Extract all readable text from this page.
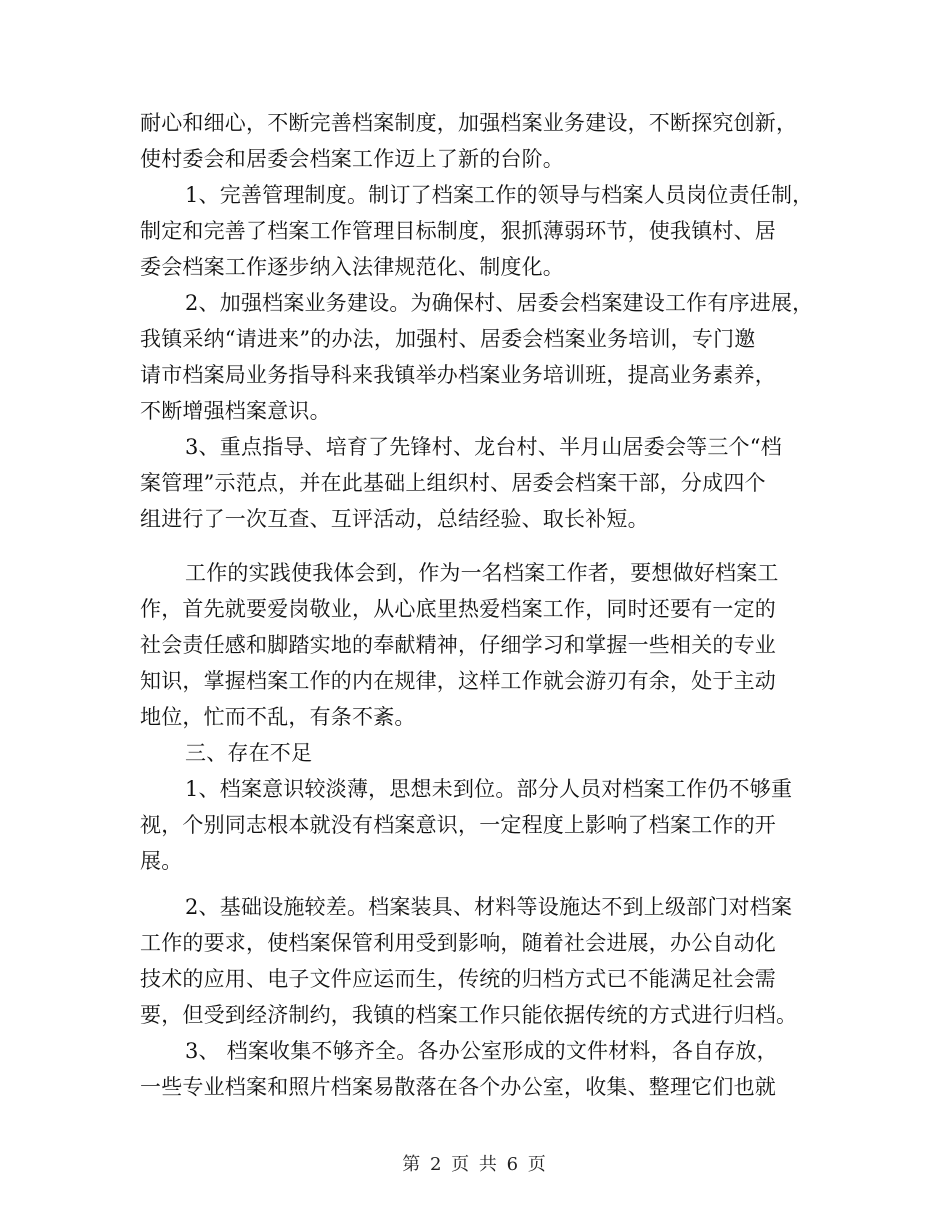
耐心和细心，不断完善档案制度，加强档案业务建设，不断探究创新，
使村委会和居委会档案工作迈上了新的台阶。
1、完善管理制度。制订了档案工作的领导与档案人员岗位责任制，
制定和完善了档案工作管理目标制度，狠抓薄弱环节，使我镇村、居
委会档案工作逐步纳入法律规范化、制度化。
2、加强档案业务建设。为确保村、居委会档案建设工作有序进展，
我镇采纳“请进来”的办法，加强村、居委会档案业务培训，专门邀
请市档案局业务指导科来我镇举办档案业务培训班，提高业务素养，
不断增强档案意识。
3、重点指导、培育了先锋村、龙台村、半月山居委会等三个“档
案管理”示范点，并在此基础上组织村、居委会档案干部，分成四个
组进行了一次互查、互评活动，总结经验、取长补短。
工作的实践使我体会到，作为一名档案工作者，要想做好档案工
作，首先就要爱岗敬业，从心底里热爱档案工作，同时还要有一定的
社会责任感和脚踏实地的奉献精神，仔细学习和掌握一些相关的专业
知识，掌握档案工作的内在规律，这样工作就会游刃有余，处于主动
地位，忙而不乱，有条不紊。
三、存在不足
1、档案意识较淡薄，思想未到位。部分人员对档案工作仍不够重
视，个别同志根本就没有档案意识，一定程度上影响了档案工作的开
展。
2、基础设施较差。档案装具、材料等设施达不到上级部门对档案
工作的要求，使档案保管利用受到影响，随着社会进展，办公自动化
技术的应用、电子文件应运而生，传统的归档方式已不能满足社会需
要，但受到经济制约，我镇的档案工作只能依据传统的方式进行归档。
3、 档案收集不够齐全。各办公室形成的文件材料，各自存放，
一些专业档案和照片档案易散落在各个办公室，收集、整理它们也就
第 2 页 共 6 页
